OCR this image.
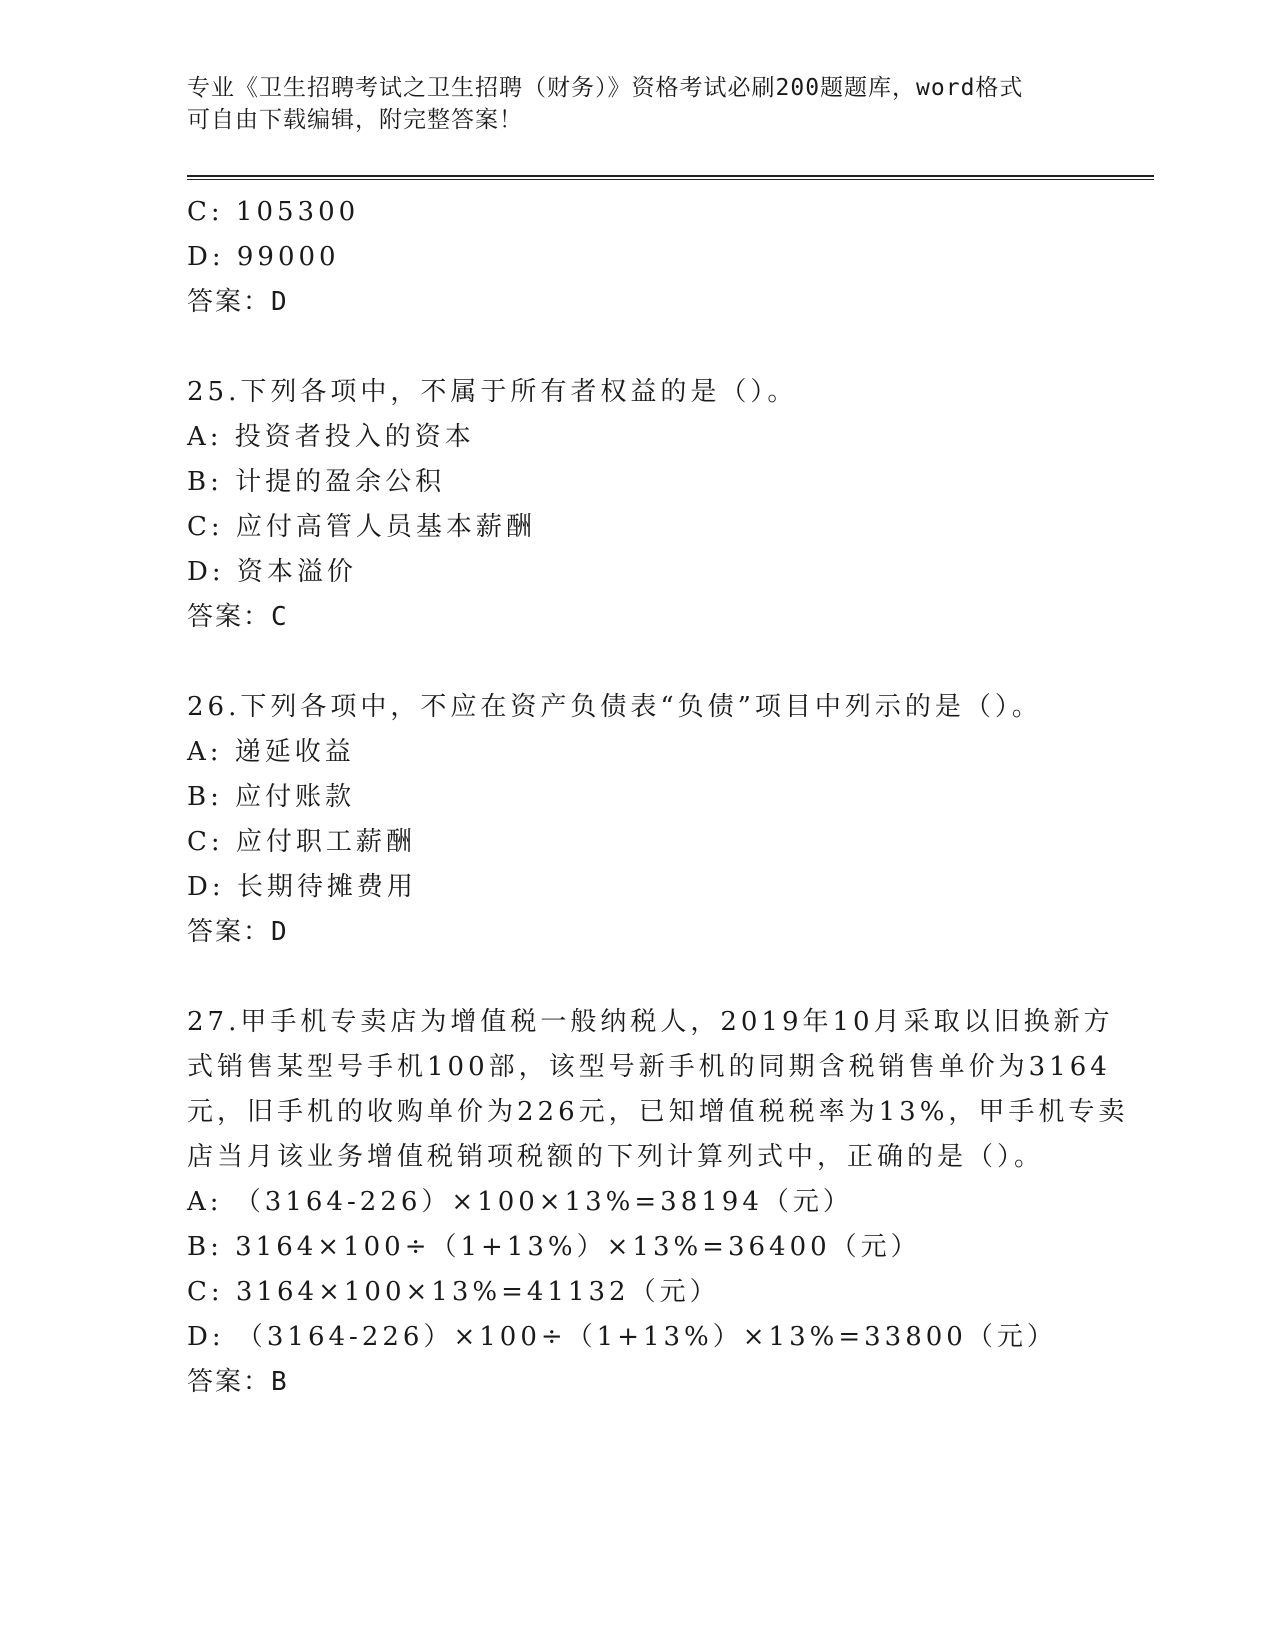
专业《卫生招聘考试之卫生招聘（财务）》资格考试必刷200题题库，word格式
可自由下载编辑，附完整答案！
C: 105300
D: 99000
答案：D
25.下列各项中，不属于所有者权益的是（）。
A: 投资者投入的资本
B: 计提的盈余公积
C: 应付高管人员基本薪酬
D: 资本溢价
答案：C
26.下列各项中，不应在资产负债表“负债”项目中列示的是（）。
A: 递延收益
B: 应付账款
C: 应付职工薪酬
D: 长期待摊费用
答案：D
27.甲手机专卖店为增值税一般纳税人，2019年10月采取以旧换新方
式销售某型号手机100部，该型号新手机的同期含税销售单价为3164
元，旧手机的收购单价为226元，已知增值税税率为13%，甲手机专卖
店当月该业务增值税销项税额的下列计算列式中，正确的是（）。
A: （3164-226）×100×13%=38194（元）
B: 3164×100÷（1+13%）×13%=36400（元）
C: 3164×100×13%=41132（元）
D: （3164-226）×100÷（1+13%）×13%=33800（元）
答案：B
